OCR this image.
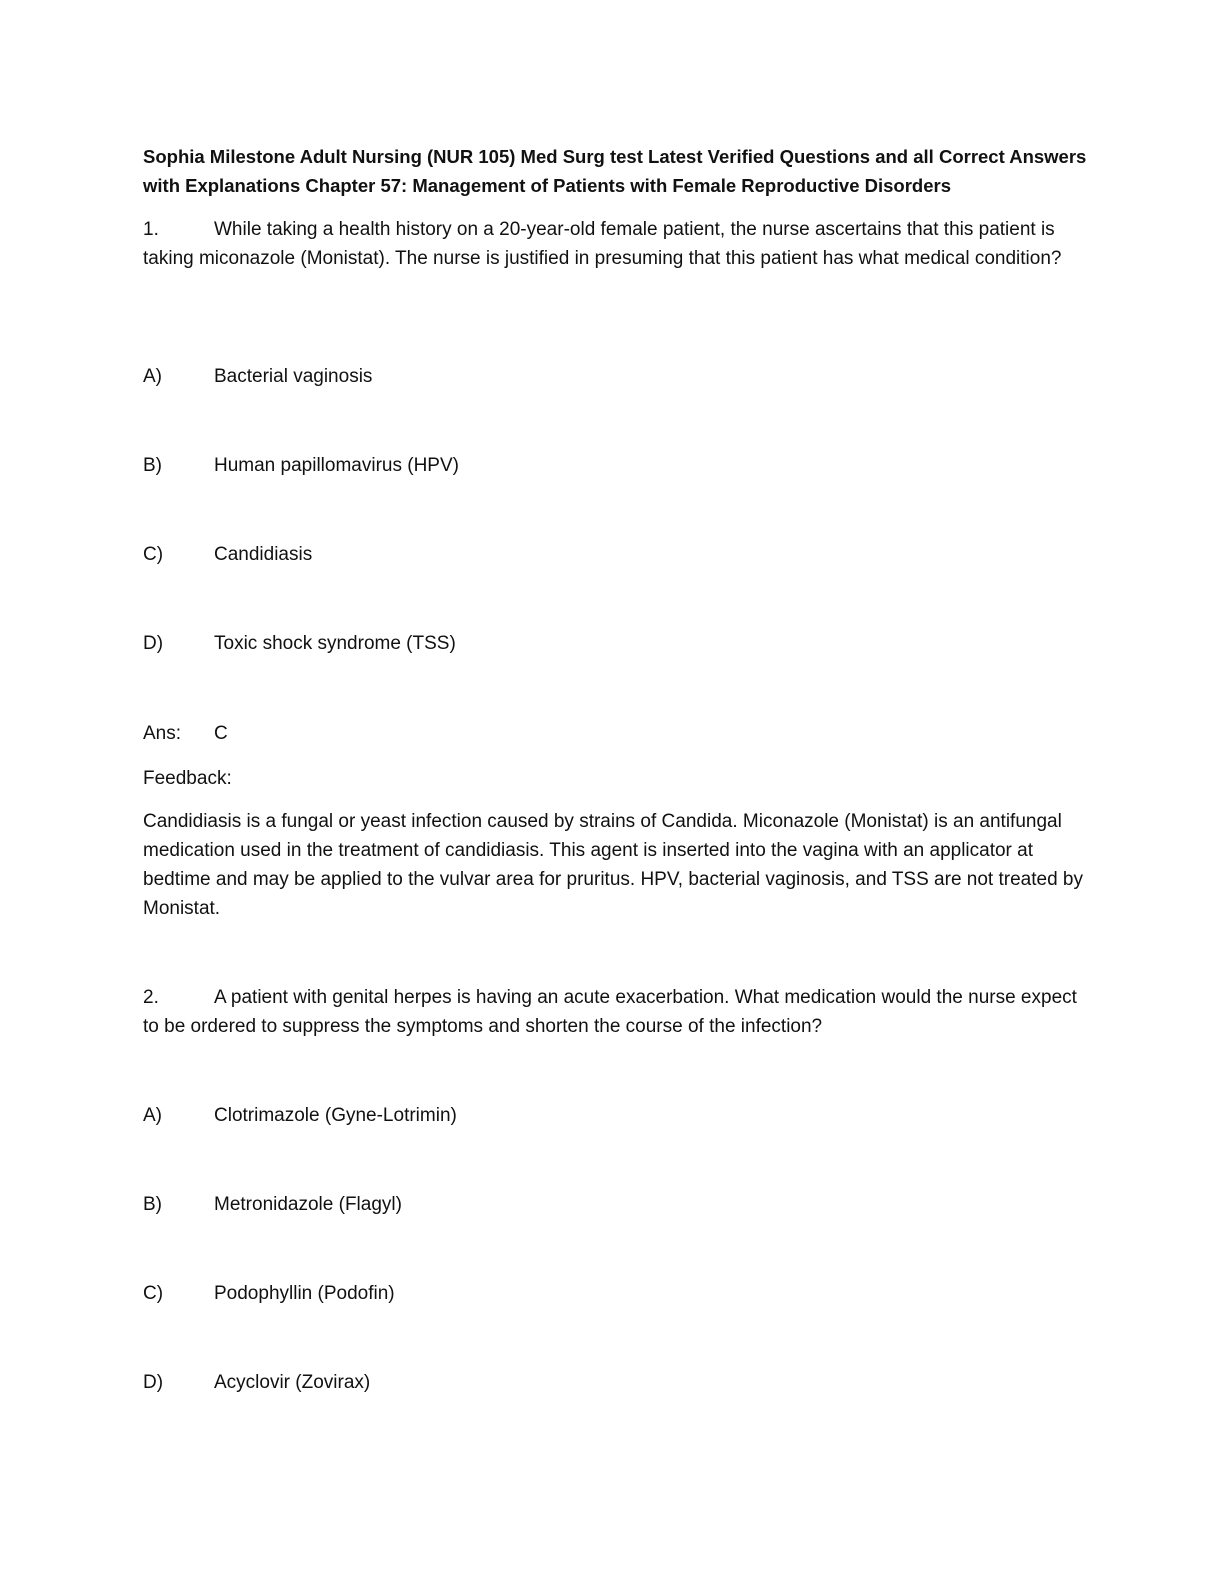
Sophia Milestone Adult Nursing (NUR 105) Med Surg test Latest Verified Questions and all Correct Answers with Explanations Chapter 57: Management of Patients with Female Reproductive Disorders

1.	While taking a health history on a 20-year-old female patient, the nurse ascertains that this patient is taking miconazole (Monistat). The nurse is justified in presuming that this patient has what medical condition?

A)	Bacterial vaginosis

B)	Human papillomavirus (HPV)

C)	Candidiasis

D)	Toxic shock syndrome (TSS)

Ans: C

Feedback:

Candidiasis is a fungal or yeast infection caused by strains of Candida. Miconazole (Monistat) is an antifungal medication used in the treatment of candidiasis. This agent is inserted into the vagina with an applicator at bedtime and may be applied to the vulvar area for pruritus. HPV, bacterial vaginosis, and TSS are not treated by Monistat.

2.	A patient with genital herpes is having an acute exacerbation. What medication would the nurse expect to be ordered to suppress the symptoms and shorten the course of the infection?

A)	Clotrimazole (Gyne-Lotrimin)

B)	Metronidazole (Flagyl)

C)	Podophyllin (Podofin)

D)	Acyclovir (Zovirax)
